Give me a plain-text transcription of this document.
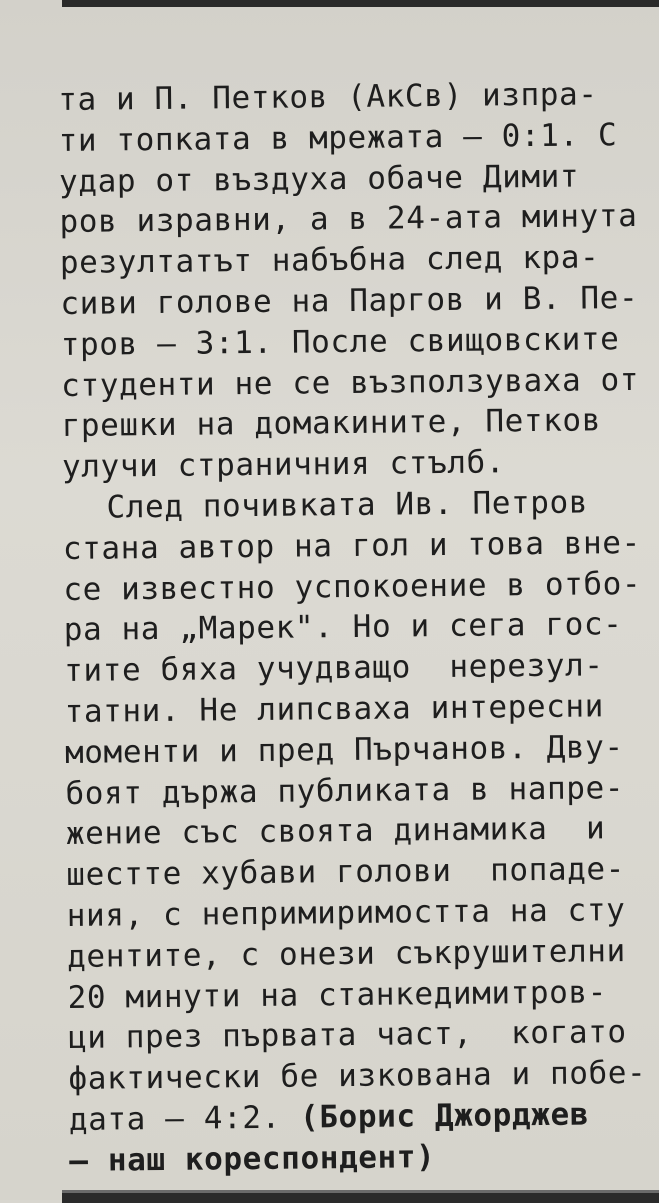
та и П. Петков (АкСв) изпра-
ти топката в мрежата — 0:1. С
удар от въздуха обаче Димит
ров изравни, а в 24-ата минута
резултатът набъбна след кра-
сиви голове на Паргов и В. Пе-
тров — 3:1. После свищовските
студенти не се възползуваха от
грешки на домакините, Петков
улучи страничния стълб.
След почивката Ив. Петров
стана автор на гол и това вне-
се известно успокоение в отбо-
ра на „Марек". Но и сега гос-
тите бяха учудващо  нерезул-
татни. Не липсваха интересни
моменти и пред Пърчанов. Дву-
боят държа публиката в напре-
жение със своята динамика  и
шестте хубави голови  попаде-
ния, с непримиримостта на сту
дентите, с онези съкрушителни
20 минути на станкедимитров-
ци през първата част,  когато
фактически бе изкована и побе-
дата — 4:2. (Борис Джорджев
— наш кореспондент)
